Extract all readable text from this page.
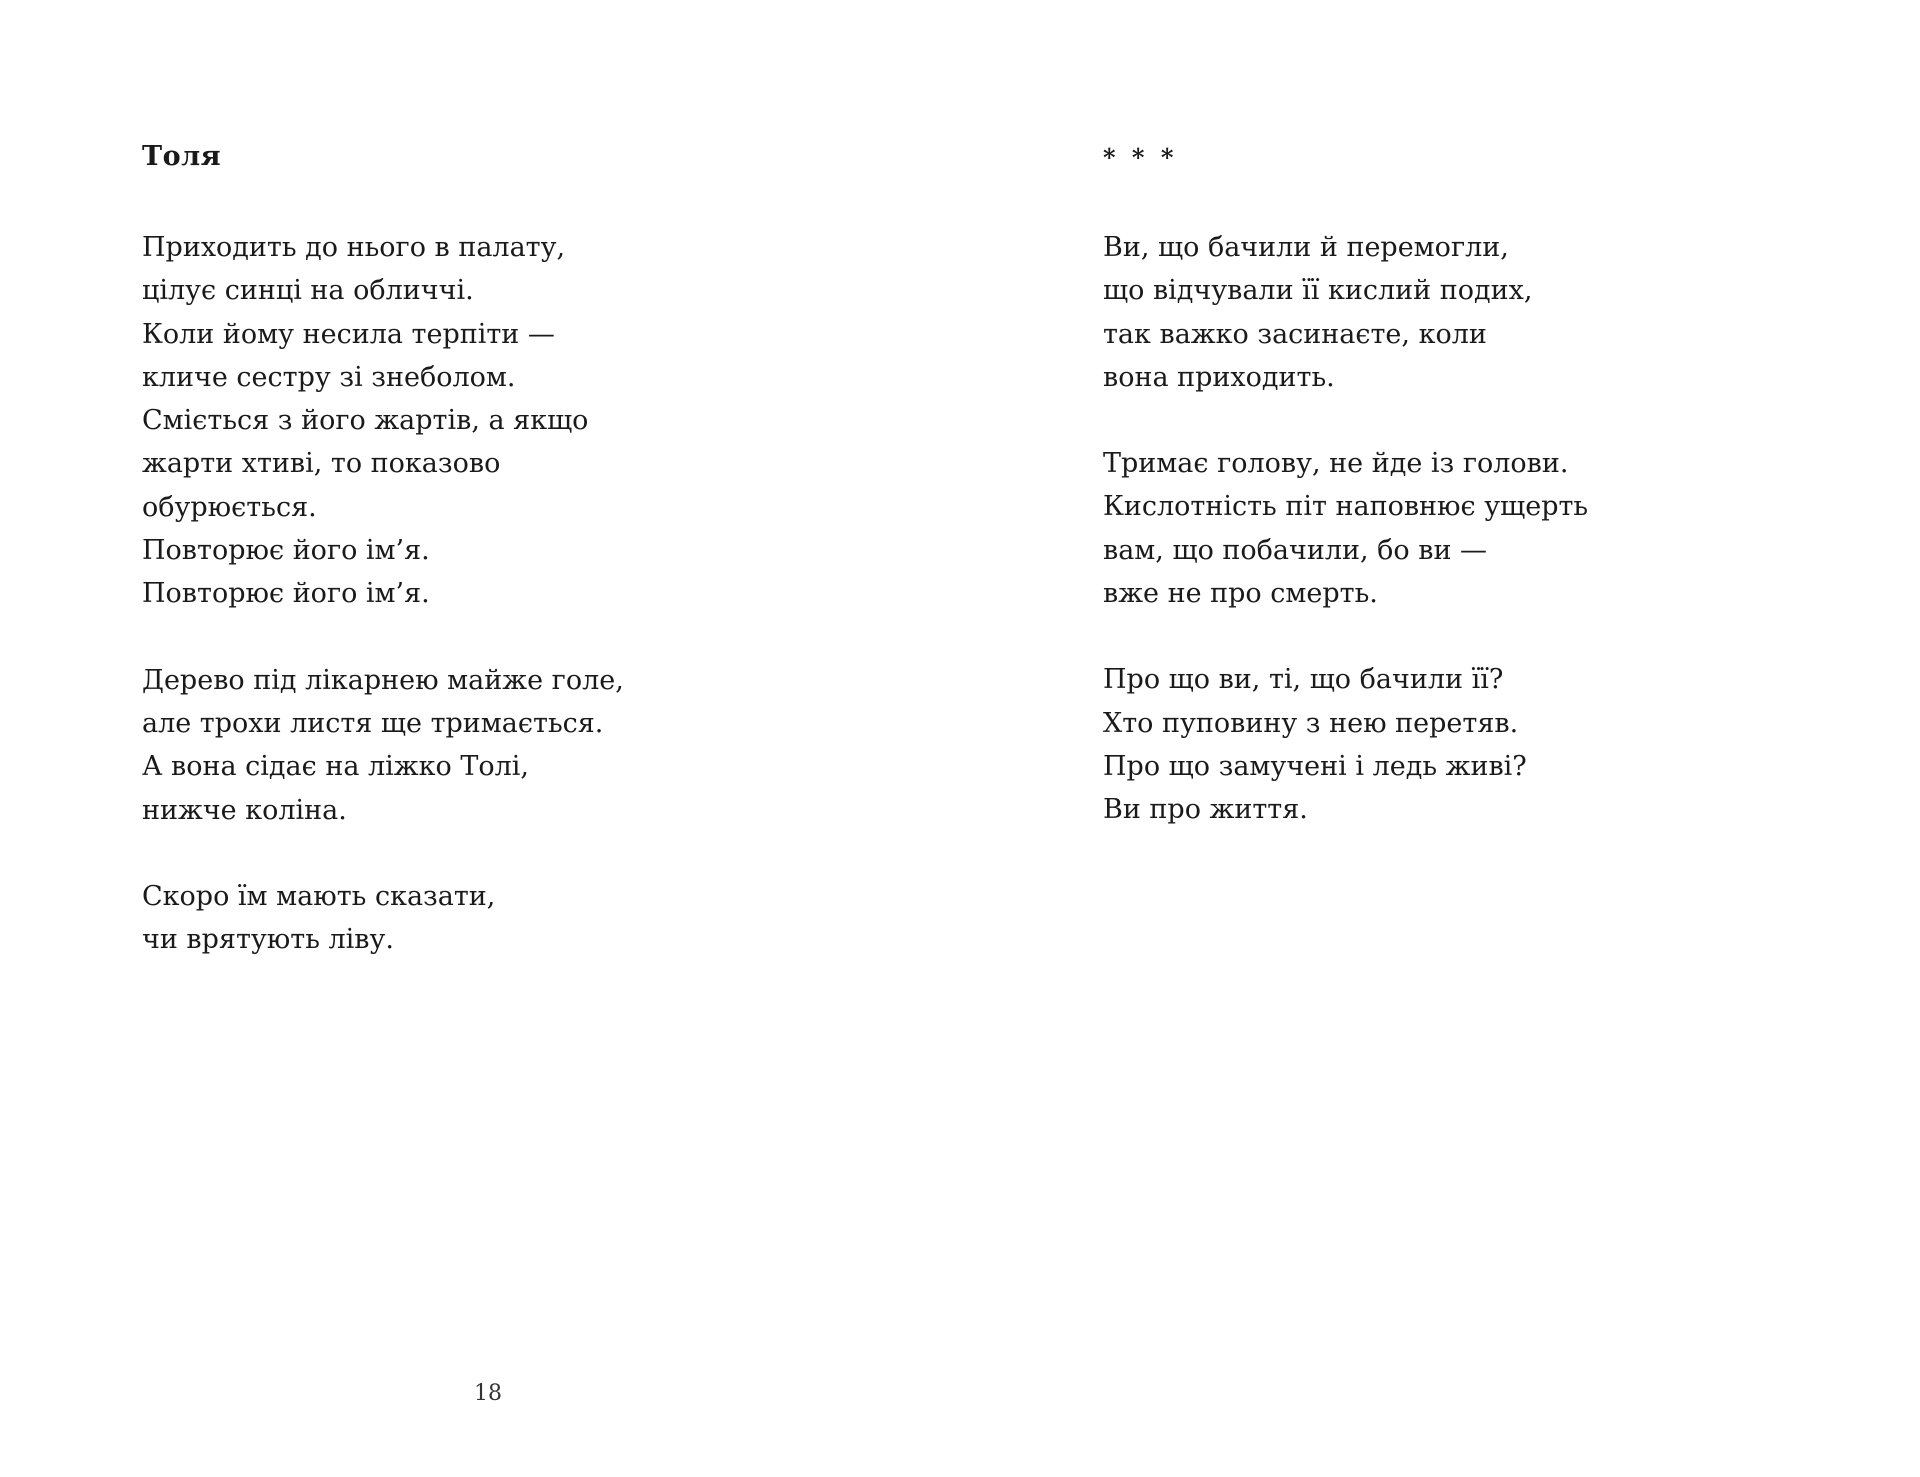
Толя

Приходить до нього в палату,
цілує синці на обличчі.
Коли йому несила терпіти —
кличе сестру зі знеболом.
Сміється з його жартів, а якщо
жарти хтиві, то показово
обурюється.
Повторює його ім’я.
Повторює його ім’я.

Дерево під лікарнею майже голе,
але трохи листя ще тримається.
А вона сідає на ліжко Толі,
нижче коліна.

Скоро їм мають сказати,
чи врятують ліву.

18
* * *

Ви, що бачили й перемогли,
що відчували її кислий подих,
так важко засинаєте, коли
вона приходить.

Тримає голову, не йде із голови.
Кислотність піт наповнює ущерть
вам, що побачили, бо ви —
вже не про смерть.

Про що ви, ті, що бачили її?
Хто пуповину з нею перетяв.
Про що замучені і ледь живі?
Ви про життя.
